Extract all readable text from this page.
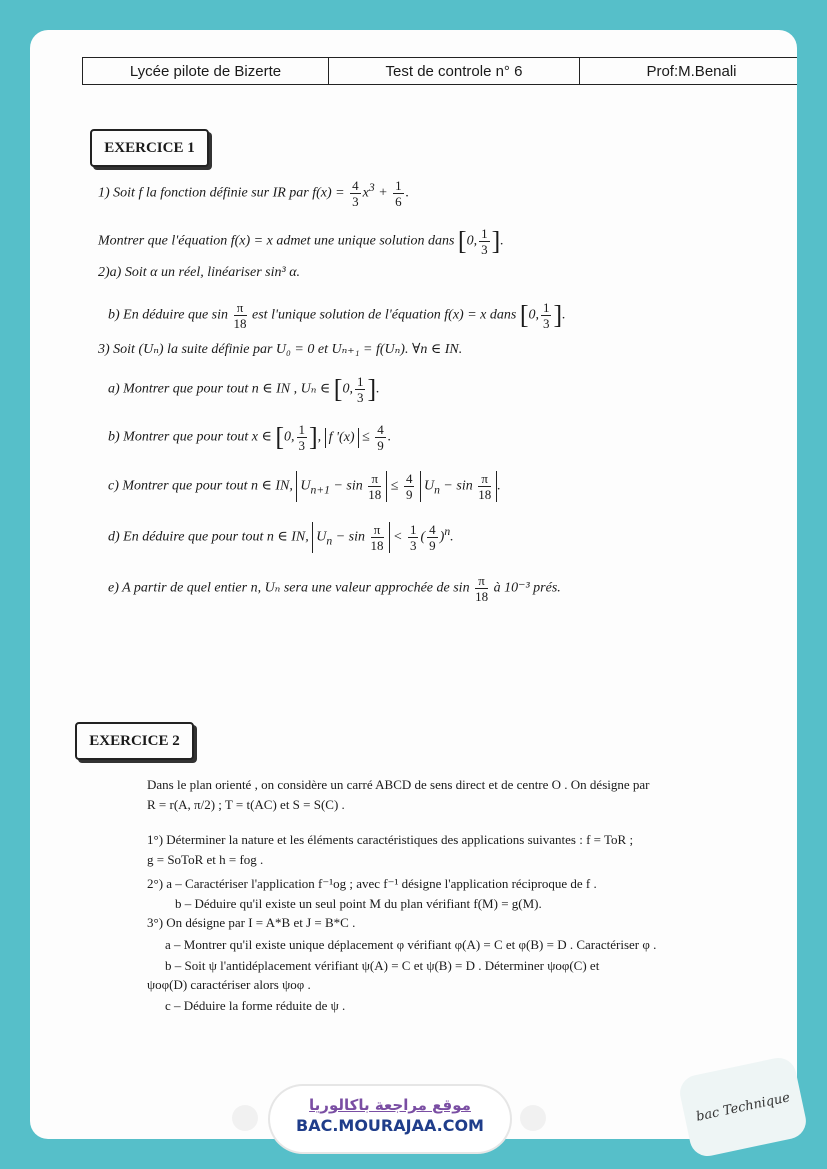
Lycée pilote de Bizerte	Test de controle n° 6	Prof:M.Benali
EXERCICE 1
1) Soit f la fonction définie sur IR par $f(x) = \frac{4}{3} x^3 + \frac{1}{6}$ .
Montrer que l'équation f(x) = x admet une unique solution dans [0, $\frac{1}{3}$ ].
2)a) Soit α un réel, linéariser sin³ α.
b) En déduire que $\sin \frac{\pi}{18}$ est l'unique solution de l'équation f(x) = x dans [0, $\frac{1}{3}$ ].
3) Soit (Uₙ) la suite définie par U₀ = 0 et Uₙ₊₁ = f(Uₙ). ∀n ∈ IN.
a) Montrer que pour tout n ∈ IN , Uₙ ∈ [0, $\frac{1}{3}$ ].
b) Montrer que pour tout x ∈ [0, $\frac{1}{3}$ ], f '$(x) \le \frac{4}{9}$ .
c) Montrer que pour tout n ∈ IN, $U_{n+1} - \sin \frac{\pi}{18} \le \frac{4}{9} U_n - \sin \frac{\pi}{18}$ .
d) En déduire que pour tout n ∈ IN, $U_n - \sin \frac{\pi}{18} < \frac{1}{3}$ ( $\frac{4}{9} )^n$.
e) A partir de quel entier n, Uₙ sera une valeur approchée de $\sin \frac{\pi}{18}$ à 10⁻³ prés.
EXERCICE 2
Dans le plan orienté , on considère un carré ABCD de sens direct et de centre O . On désigne par
R = r(A, π/2) ; T = t(AC) et S = S(C) .
1°) Déterminer la nature et les éléments caractéristiques des applications suivantes : f = ToR ;
g = SoToR et h = fog .
2°) a – Caractériser l'application f⁻¹og ; avec f⁻¹ désigne l'application réciproque de f .
b – Déduire qu'il existe un seul point M du plan vérifiant f(M) = g(M).
3°) On désigne par I = A*B et J = B*C .
a – Montrer qu'il existe unique déplacement φ vérifiant φ(A) = C et φ(B) = D . Caractériser φ .
b – Soit ψ l'antidéplacement vérifiant ψ(A) = C et ψ(B) = D . Déterminer ψoφ(C) et
ψoφ(D) caractériser alors ψoφ .
c – Déduire la forme réduite de ψ .
موقع مراجعة باكالوريا
BAC.MOURAJAA.COM
bac Technique
